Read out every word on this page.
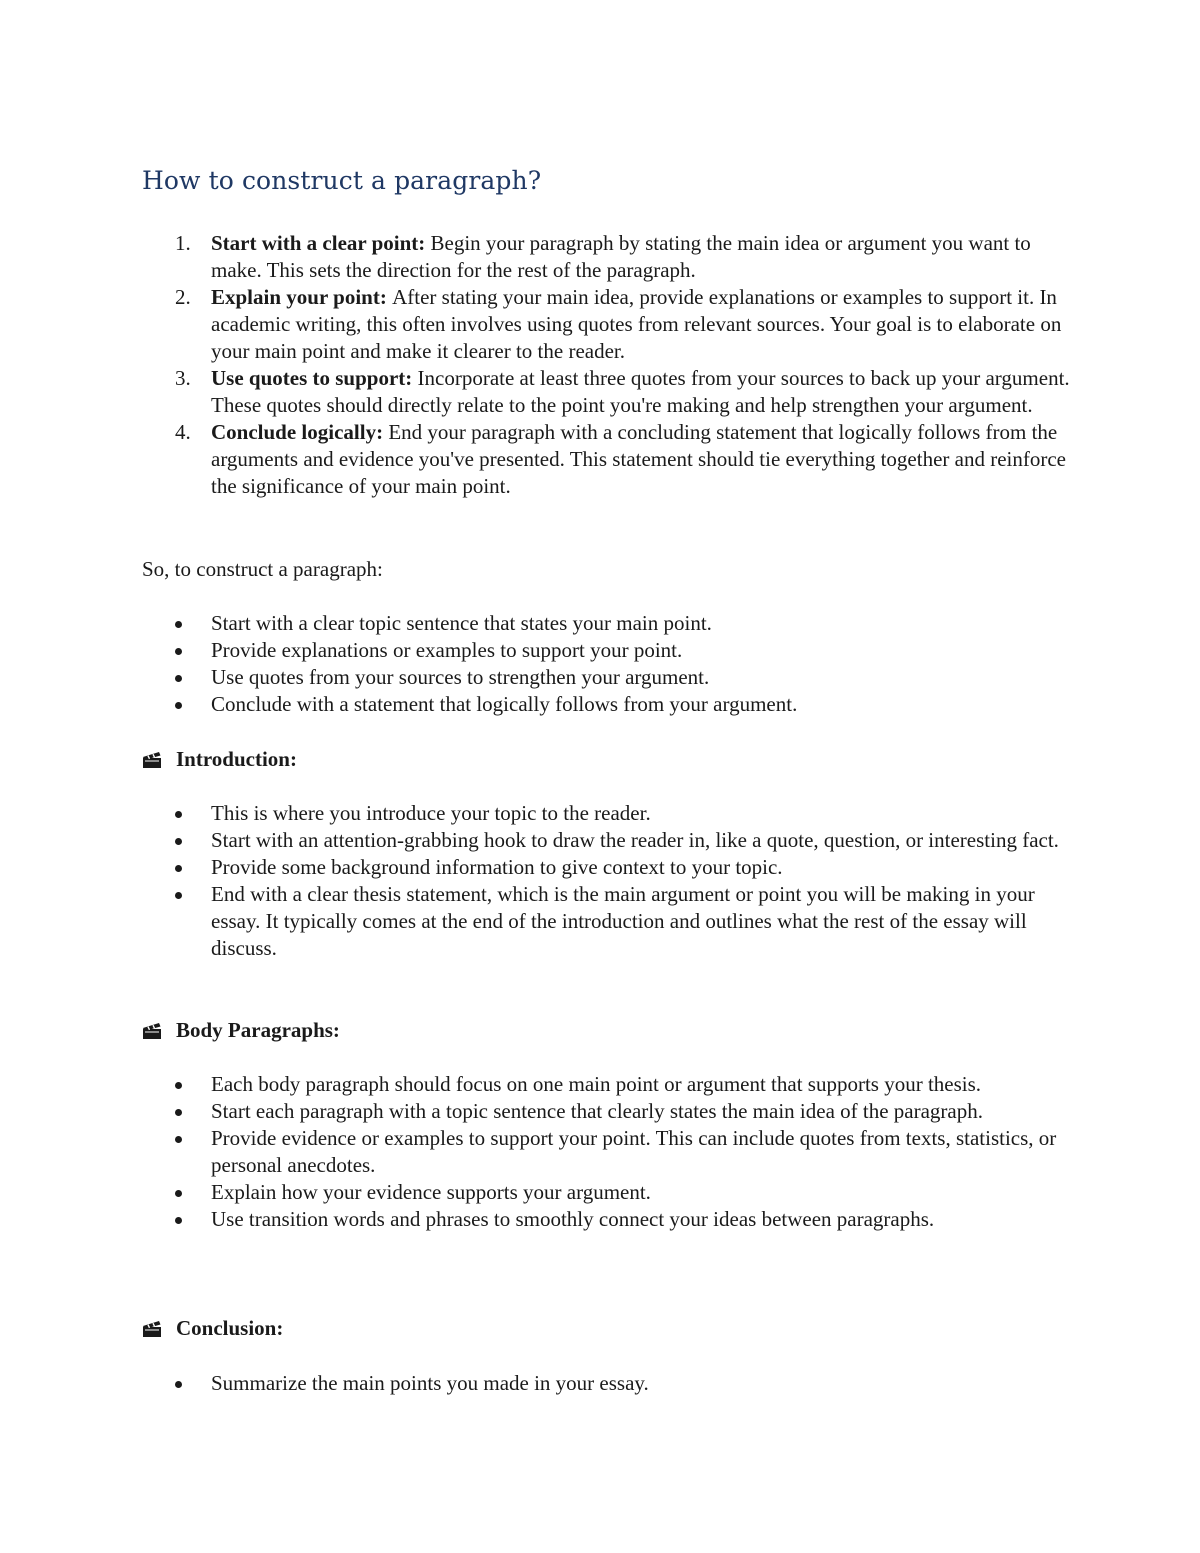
How to construct a paragraph?
1. Start with a clear point: Begin your paragraph by stating the main idea or argument you want to make. This sets the direction for the rest of the paragraph.
2. Explain your point: After stating your main idea, provide explanations or examples to support it. In academic writing, this often involves using quotes from relevant sources. Your goal is to elaborate on your main point and make it clearer to the reader.
3. Use quotes to support: Incorporate at least three quotes from your sources to back up your argument. These quotes should directly relate to the point you're making and help strengthen your argument.
4. Conclude logically: End your paragraph with a concluding statement that logically follows from the arguments and evidence you've presented. This statement should tie everything together and reinforce the significance of your main point.

So, to construct a paragraph:

Start with a clear topic sentence that states your main point.
Provide explanations or examples to support your point.
Use quotes from your sources to strengthen your argument.
Conclude with a statement that logically follows from your argument.
Introduction:
This is where you introduce your topic to the reader.
Start with an attention-grabbing hook to draw the reader in, like a quote, question, or interesting fact.
Provide some background information to give context to your topic.
End with a clear thesis statement, which is the main argument or point you will be making in your essay. It typically comes at the end of the introduction and outlines what the rest of the essay will discuss.
Body Paragraphs:
Each body paragraph should focus on one main point or argument that supports your thesis.
Start each paragraph with a topic sentence that clearly states the main idea of the paragraph.
Provide evidence or examples to support your point. This can include quotes from texts, statistics, or personal anecdotes.
Explain how your evidence supports your argument.
Use transition words and phrases to smoothly connect your ideas between paragraphs.
Conclusion:
Summarize the main points you made in your essay.
